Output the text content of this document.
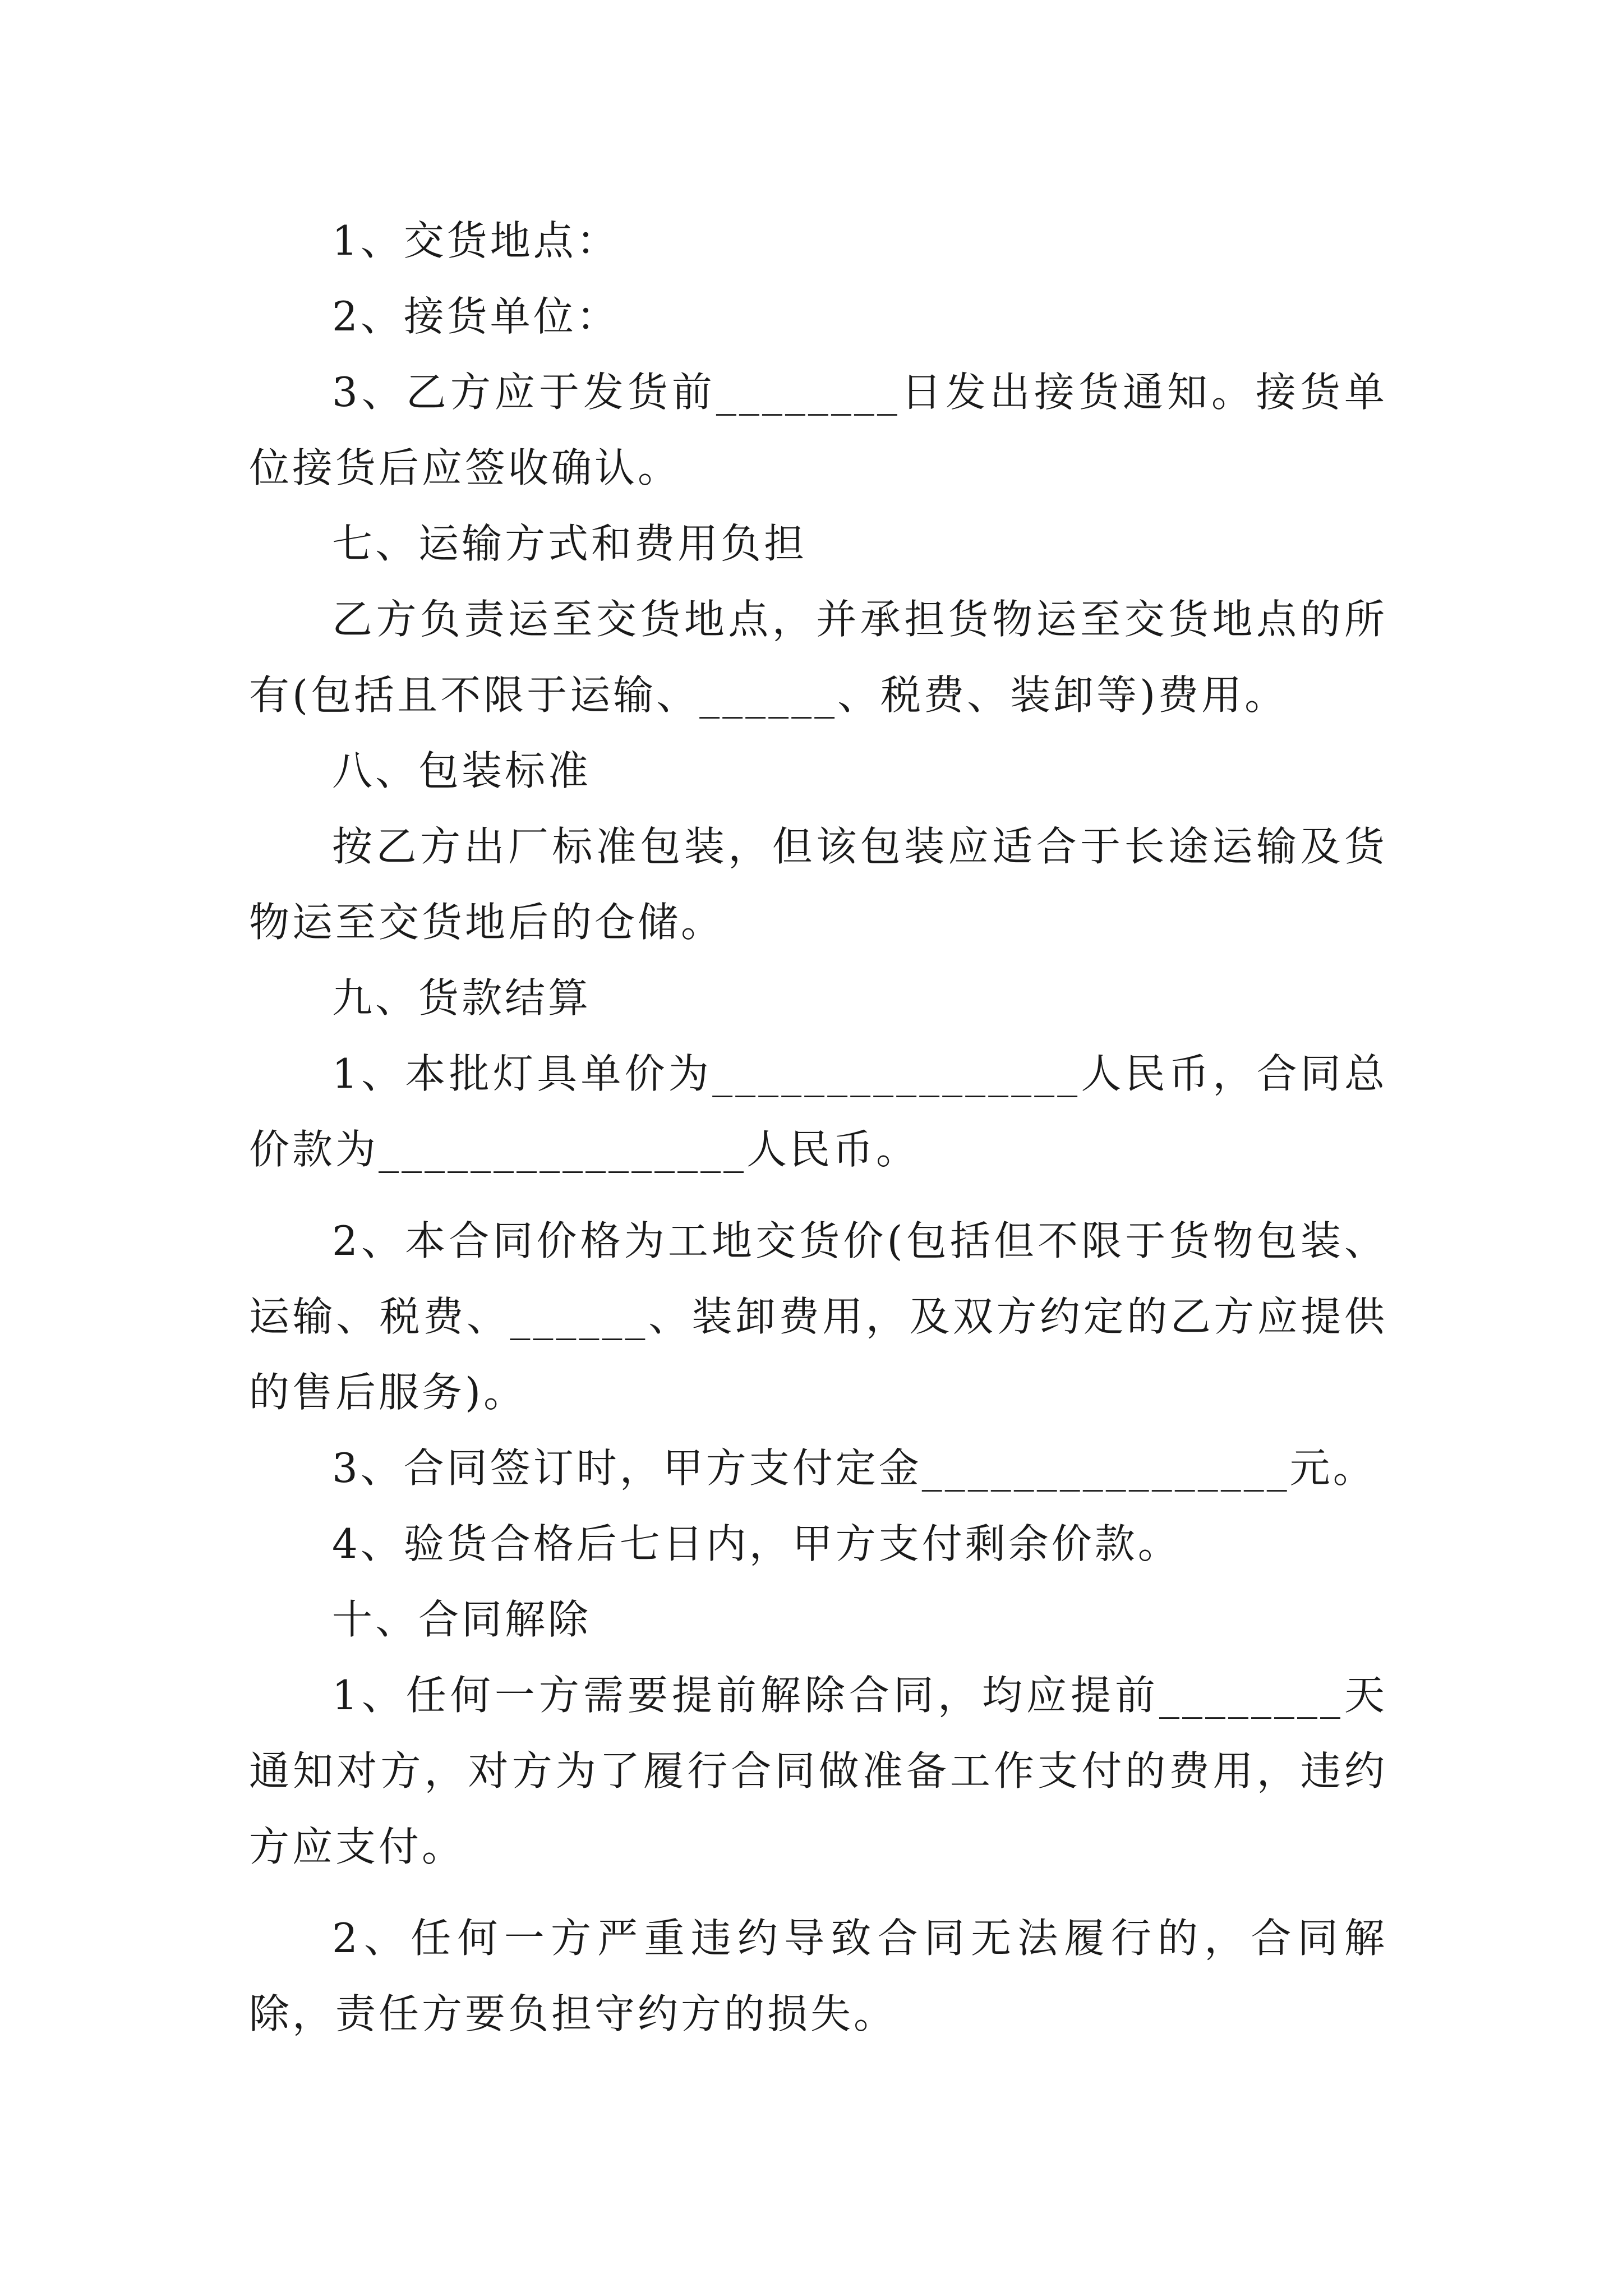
1、交货地点：

2、接货单位：

3、乙方应于发货前________日发出接货通知。接货单位接货后应签收确认。

七、运输方式和费用负担

乙方负责运至交货地点，并承担货物运至交货地点的所有(包括且不限于运输、______、税费、装卸等)费用。

八、包装标准

按乙方出厂标准包装，但该包装应适合于长途运输及货物运至交货地后的仓储。

九、货款结算

1、本批灯具单价为________________人民币，合同总价款为________________人民币。

2、本合同价格为工地交货价(包括但不限于货物包装、运输、税费、______、装卸费用，及双方约定的乙方应提供的售后服务)。

3、合同签订时，甲方支付定金________________元。

4、验货合格后七日内，甲方支付剩余价款。

十、合同解除

1、任何一方需要提前解除合同，均应提前________天通知对方，对方为了履行合同做准备工作支付的费用，违约方应支付。

2、任何一方严重违约导致合同无法履行的，合同解除，责任方要负担守约方的损失。
